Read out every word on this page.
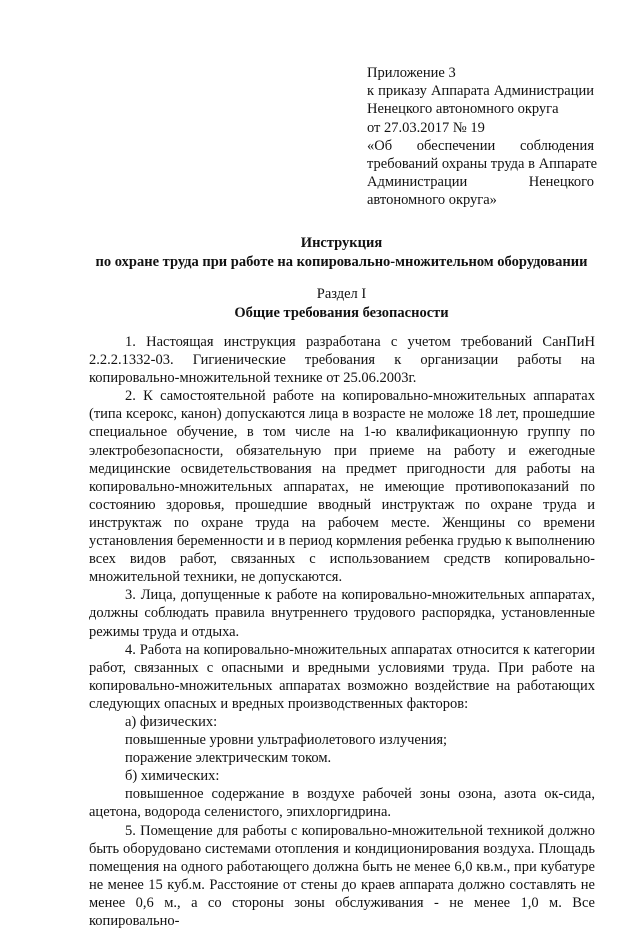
Приложение 3
к приказу Аппарата Администрации
Ненецкого автономного округа
от 27.03.2017 № 19
«Об обеспечении соблюдения
требований охраны труда в Аппарате
Администрации Ненецкого
автономного округа»
Инструкция
по охране труда при работе на копировально-множительном оборудовании
Раздел I
Общие требования безопасности

1. Настоящая инструкция разработана с учетом требований СанПиН 2.2.2.1332-03. Гигиенические требования к организации работы на копировально-множительной технике от 25.06.2003г.

2. К самостоятельной работе на копировально-множительных аппаратах (типа ксерокс, канон) допускаются лица в возрасте не моложе 18 лет, прошедшие специальное обучение, в том числе на 1-ю квалификационную группу по электробезопасности, обязательную при приеме на работу и ежегодные медицинские освидетельствования на предмет пригодности для работы на копировально-множительных аппаратах, не имеющие противопоказаний по состоянию здоровья, прошедшие вводный инструктаж по охране труда и инструктаж по охране труда на рабочем месте. Женщины со времени установления беременности и в период кормления ребенка грудью к выполнению всех видов работ, связанных с использованием средств копировально-множительной техники, не допускаются.

3. Лица, допущенные к работе на копировально-множительных аппаратах, должны соблюдать правила внутреннего трудового распорядка, установленные режимы труда и отдыха.

4. Работа на копировально-множительных аппаратах относится к категории работ, связанных с опасными и вредными условиями труда. При работе на копировально-множительных аппаратах возможно воздействие на работающих следующих опасных и вредных производственных факторов:

а) физических:

повышенные уровни ультрафиолетового излучения;

поражение электрическим током.

б) химических:

повышенное содержание в воздухе рабочей зоны озона, азота ок-сида, ацетона, водорода селенистого, эпихлоргидрина.

5. Помещение для работы с копировально-множительной техникой должно быть оборудовано системами отопления и кондиционирования воздуха. Площадь помещения на одного работающего должна быть не менее 6,0 кв.м., при кубатуре не менее 15 куб.м. Расстояние от стены до краев аппарата должно составлять не менее 0,6 м., а со стороны зоны обслуживания - не менее 1,0 м. Все копировально-
